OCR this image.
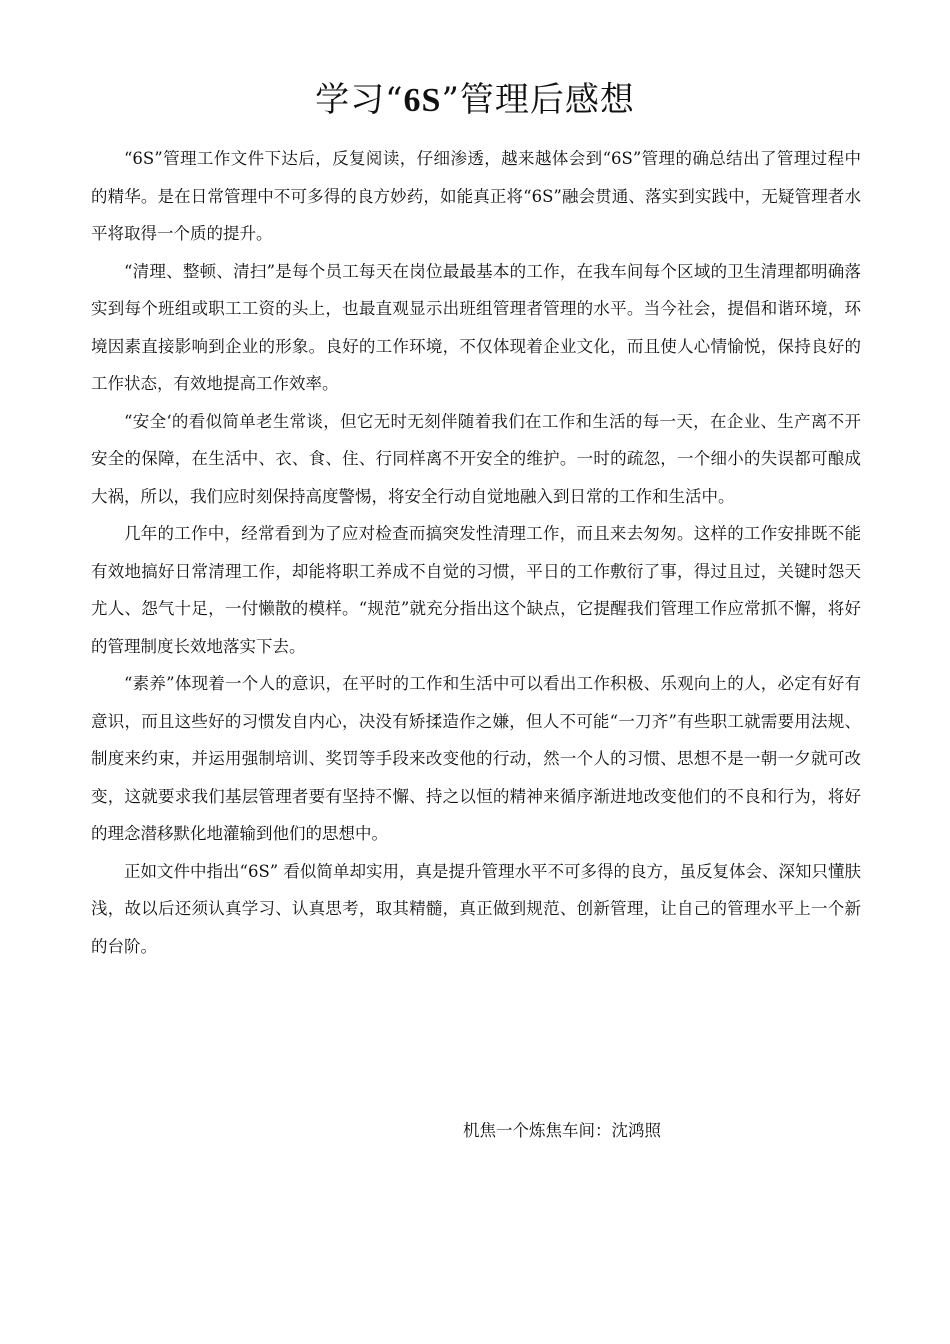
学习“6S”管理后感想

“6S”管理工作文件下达后，反复阅读，仔细渗透，越来越体会到“6S”管理的确总结出了管理过程中的精华。是在日常管理中不可多得的良方妙药，如能真正将“6S”融会贯通、落实到实践中，无疑管理者水平将取得一个质的提升。

“清理、整顿、清扫”是每个员工每天在岗位最最基本的工作，在我车间每个区域的卫生清理都明确落实到每个班组或职工工资的头上，也最直观显示出班组管理者管理的水平。当今社会，提倡和谐环境，环境因素直接影响到企业的形象。良好的工作环境，不仅体现着企业文化，而且使人心情愉悦，保持良好的工作状态，有效地提高工作效率。

“安全‘的看似简单老生常谈，但它无时无刻伴随着我们在工作和生活的每一天，在企业、生产离不开安全的保障，在生活中、衣、食、住、行同样离不开安全的维护。一时的疏忽，一个细小的失误都可酿成大祸，所以，我们应时刻保持高度警惕，将安全行动自觉地融入到日常的工作和生活中。

几年的工作中，经常看到为了应对检查而搞突发性清理工作，而且来去匆匆。这样的工作安排既不能有效地搞好日常清理工作，却能将职工养成不自觉的习惯，平日的工作敷衍了事，得过且过，关键时怨天尤人、怨气十足，一付懒散的模样。“规范”就充分指出这个缺点，它提醒我们管理工作应常抓不懈，将好的管理制度长效地落实下去。

“素养”体现着一个人的意识，在平时的工作和生活中可以看出工作积极、乐观向上的人，必定有好有意识，而且这些好的习惯发自内心，决没有矫揉造作之嫌，但人不可能“一刀齐”有些职工就需要用法规、制度来约束，并运用强制培训、奖罚等手段来改变他的行动，然一个人的习惯、思想不是一朝一夕就可改变，这就要求我们基层管理者要有坚持不懈、持之以恒的精神来循序渐进地改变他们的不良和行为，将好的理念潜移默化地灌输到他们的思想中。

正如文件中指出“6S” 看似简单却实用，真是提升管理水平不可多得的良方，虽反复体会、深知只懂肤浅，故以后还须认真学习、认真思考，取其精髓，真正做到规范、创新管理，让自己的管理水平上一个新的台阶。

机焦一个炼焦车间：沈鸿照
